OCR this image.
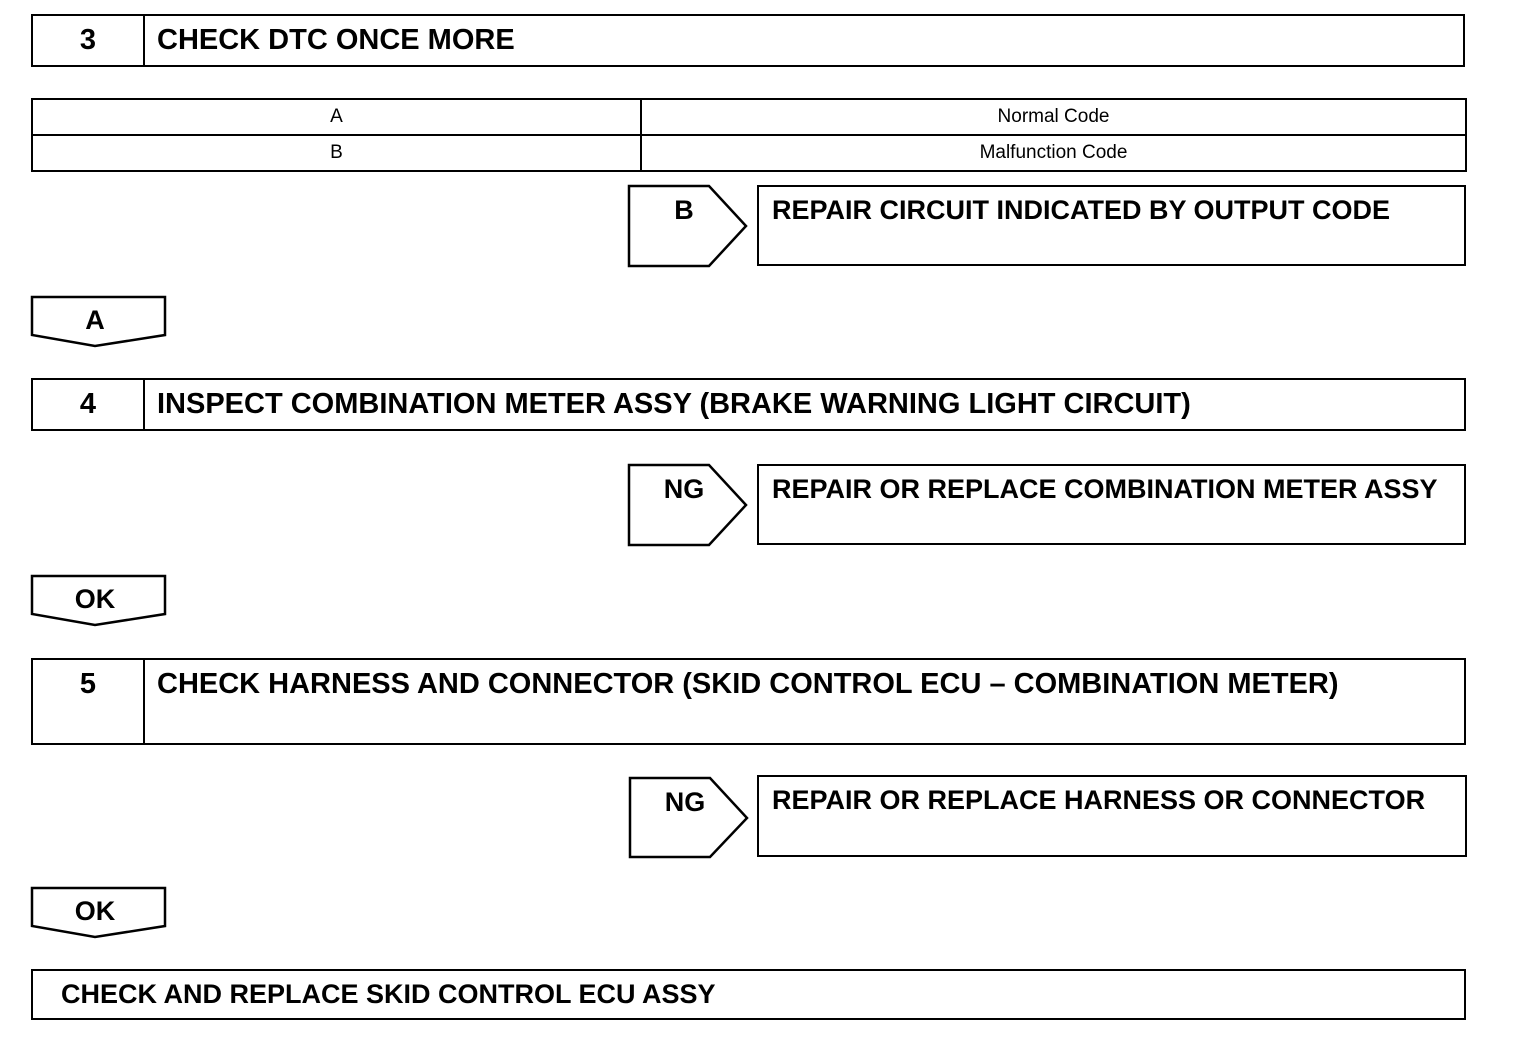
3	CHECK DTC ONCE MORE
A	Normal Code
B	Malfunction Code
B	REPAIR CIRCUIT INDICATED BY OUTPUT CODE
A
4	INSPECT COMBINATION METER ASSY (BRAKE WARNING LIGHT CIRCUIT)
NG	REPAIR OR REPLACE COMBINATION METER ASSY
OK
5	CHECK HARNESS AND CONNECTOR (SKID CONTROL ECU – COMBINATION METER)
NG	REPAIR OR REPLACE HARNESS OR CONNECTOR
OK
CHECK AND REPLACE SKID CONTROL ECU ASSY
